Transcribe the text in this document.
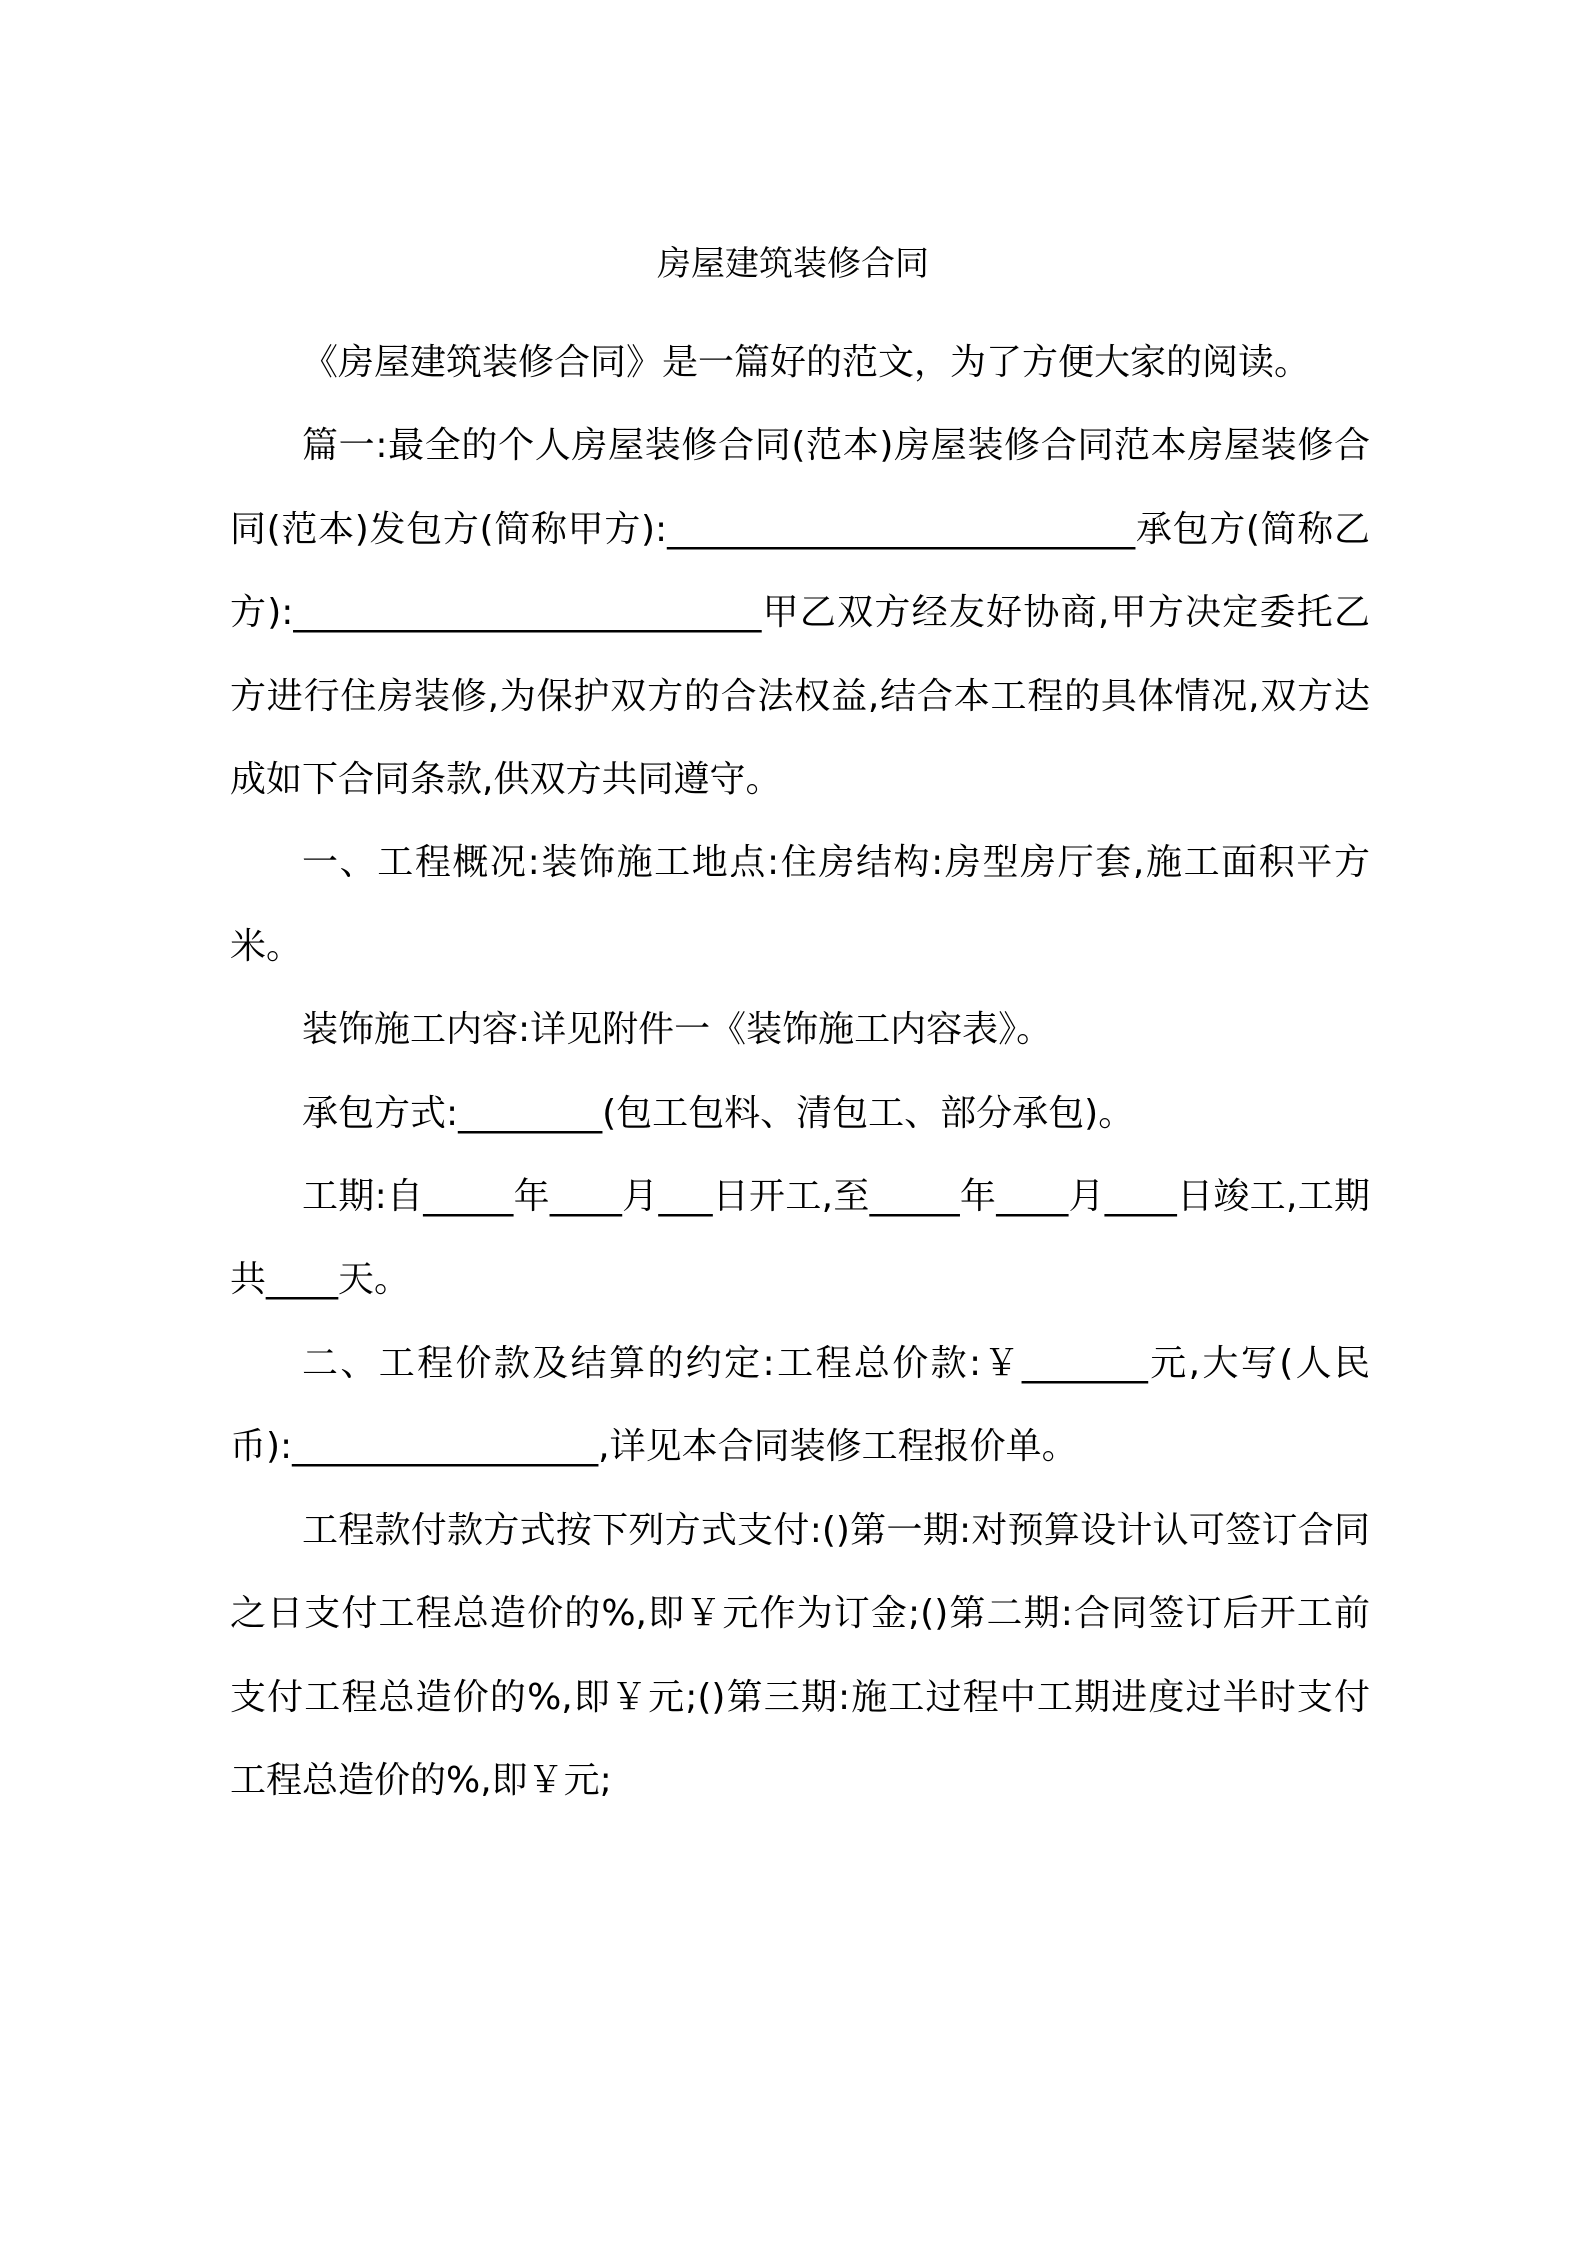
房屋建筑装修合同

《房屋建筑装修合同》是一篇好的范文，为了方便大家的阅读。

篇一:最全的个人房屋装修合同(范本)房屋装修合同范本房屋装修合同(范本)发包方(简称甲方):__________________________承包方(简称乙方):__________________________甲乙双方经友好协商,甲方决定委托乙方进行住房装修,为保护双方的合法权益,结合本工程的具体情况,双方达成如下合同条款,供双方共同遵守。

一、工程概况:装饰施工地点:住房结构:房型房厅套,施工面积平方米。

装饰施工内容:详见附件一《装饰施工内容表》。

承包方式:________(包工包料、清包工、部分承包)。

工期:自_____年____月___日开工,至_____年____月____日竣工,工期共____天。

二、工程价款及结算的约定:工程总价款:￥_______元,大写(人民币):_________________,详见本合同装修工程报价单。

工程款付款方式按下列方式支付:()第一期:对预算设计认可签订合同之日支付工程总造价的%,即￥元作为订金;()第二期:合同签订后开工前支付工程总造价的%,即￥元;()第三期:施工过程中工期进度过半时支付工程总造价的%,即￥元;
